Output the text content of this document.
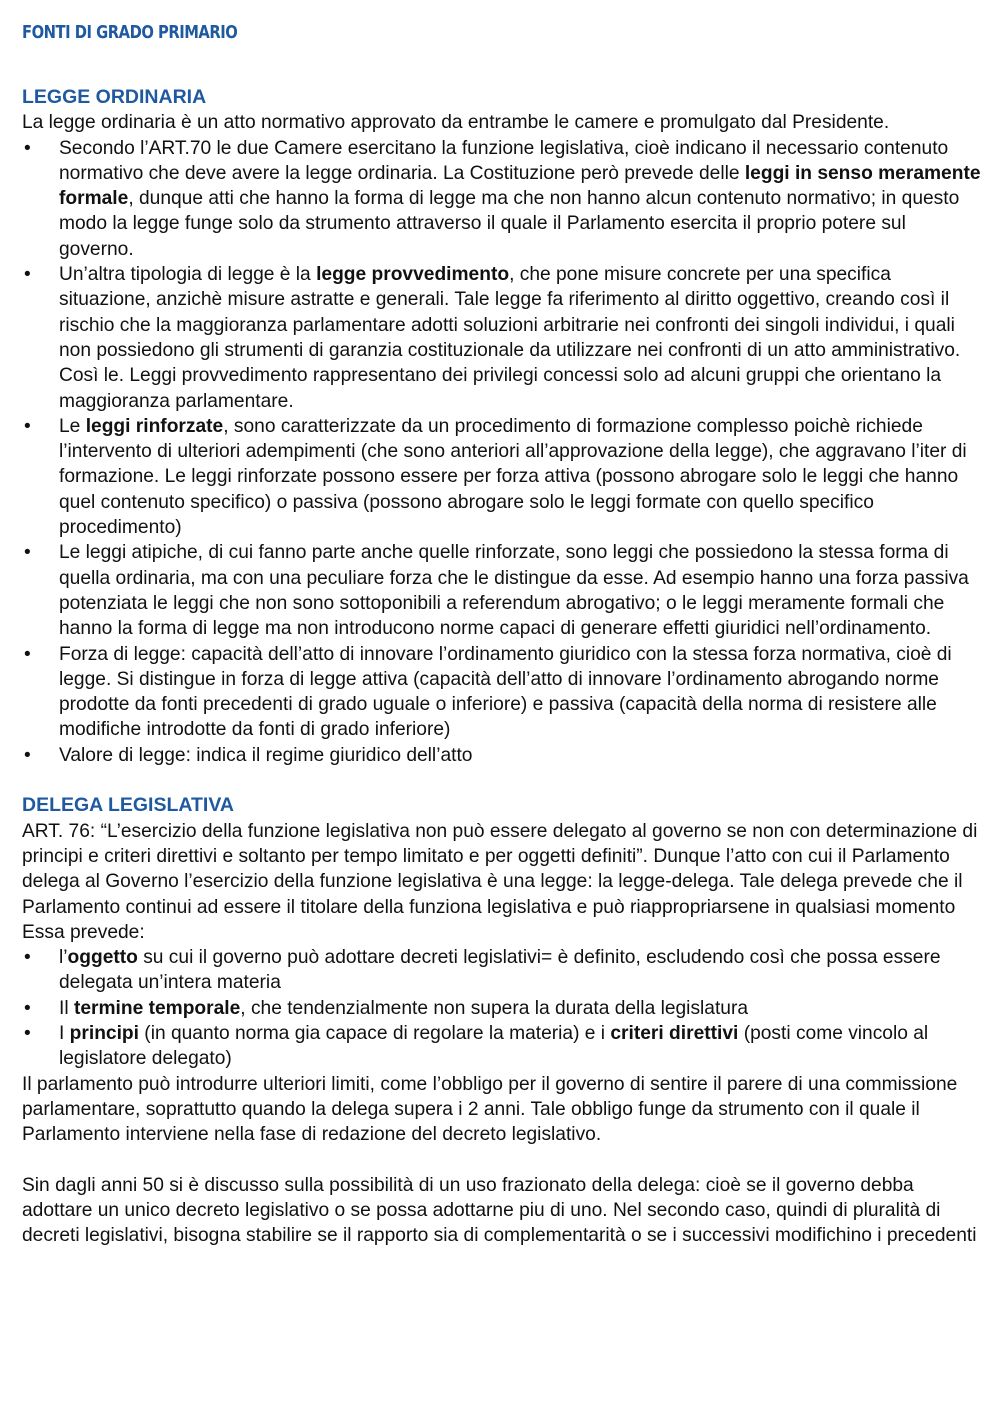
FONTI DI GRADO PRIMARIO
LEGGE ORDINARIA

La legge ordinaria è un atto normativo approvato da entrambe le camere e promulgato dal Presidente.

• Secondo l’ART.70 le due Camere esercitano la funzione legislativa, cioè indicano il necessario contenuto normativo che deve avere la legge ordinaria. La Costituzione però prevede delle leggi in senso meramente formale, dunque atti che hanno la forma di legge ma che non hanno alcun contenuto normativo; in questo modo la legge funge solo da strumento attraverso il quale il Parlamento esercita il proprio potere sul governo.
• Un’altra tipologia di legge è la legge provvedimento, che pone misure concrete per una specifica situazione, anzichè misure astratte e generali. Tale legge fa riferimento al diritto oggettivo, creando così il rischio che la maggioranza parlamentare adotti soluzioni arbitrarie nei confronti dei singoli individui, i quali non possiedono gli strumenti di garanzia costituzionale da utilizzare nei confronti di un atto amministrativo. Così le. Leggi provvedimento rappresentano dei privilegi concessi solo ad alcuni gruppi che orientano la maggioranza parlamentare.
• Le leggi rinforzate, sono caratterizzate da un procedimento di formazione complesso poichè richiede l’intervento di ulteriori adempimenti (che sono anteriori all’approvazione della legge), che aggravano l’iter di formazione. Le leggi rinforzate possono essere per forza attiva (possono abrogare solo le leggi che hanno quel contenuto specifico) o passiva (possono abrogare solo le leggi formate con quello specifico procedimento)
• Le leggi atipiche, di cui fanno parte anche quelle rinforzate, sono leggi che possiedono la stessa forma di quella ordinaria, ma con una peculiare forza che le distingue da esse. Ad esempio hanno una forza passiva potenziata le leggi che non sono sottoponibili a referendum abrogativo; o le leggi meramente formali che hanno la forma di legge ma non introducono norme capaci di generare effetti giuridici nell’ordinamento.
• Forza di legge: capacità dell’atto di innovare l’ordinamento giuridico con la stessa forza normativa, cioè di legge. Si distingue in forza di legge attiva (capacità dell’atto di innovare l’ordinamento abrogando norme prodotte da fonti precedenti di grado uguale o inferiore) e passiva (capacità della norma di resistere alle modifiche introdotte da fonti di grado inferiore)
• Valore di legge: indica il regime giuridico dell’atto
DELEGA LEGISLATIVA

ART. 76: “L’esercizio della funzione legislativa non può essere delegato al governo se non con determinazione di principi e criteri direttivi e soltanto per tempo limitato e per oggetti definiti”. Dunque l’atto con cui il Parlamento delega al Governo l’esercizio della funzione legislativa è una legge: la legge-delega. Tale delega prevede che il Parlamento continui ad essere il titolare della funziona legislativa e può riappropriarsene in qualsiasi momento

Essa prevede:

• l’oggetto su cui il governo può adottare decreti legislativi= è definito, escludendo così che possa essere delegata un’intera materia
• Il termine temporale, che tendenzialmente non supera la durata della legislatura
• I principi (in quanto norma gia capace di regolare la materia) e i criteri direttivi (posti come vincolo al legislatore delegato)

Il parlamento può introdurre ulteriori limiti, come l’obbligo per il governo di sentire il parere di una commissione parlamentare, soprattutto quando la delega supera i 2 anni. Tale obbligo funge da strumento con il quale il Parlamento interviene nella fase di redazione del decreto legislativo.

Sin dagli anni 50 si è discusso sulla possibilità di un uso frazionato della delega: cioè se il governo debba adottare un unico decreto legislativo o se possa adottarne piu di uno. Nel secondo caso, quindi di pluralità di decreti legislativi, bisogna stabilire se il rapporto sia di complementarità o se i successivi modifichino i precedenti
